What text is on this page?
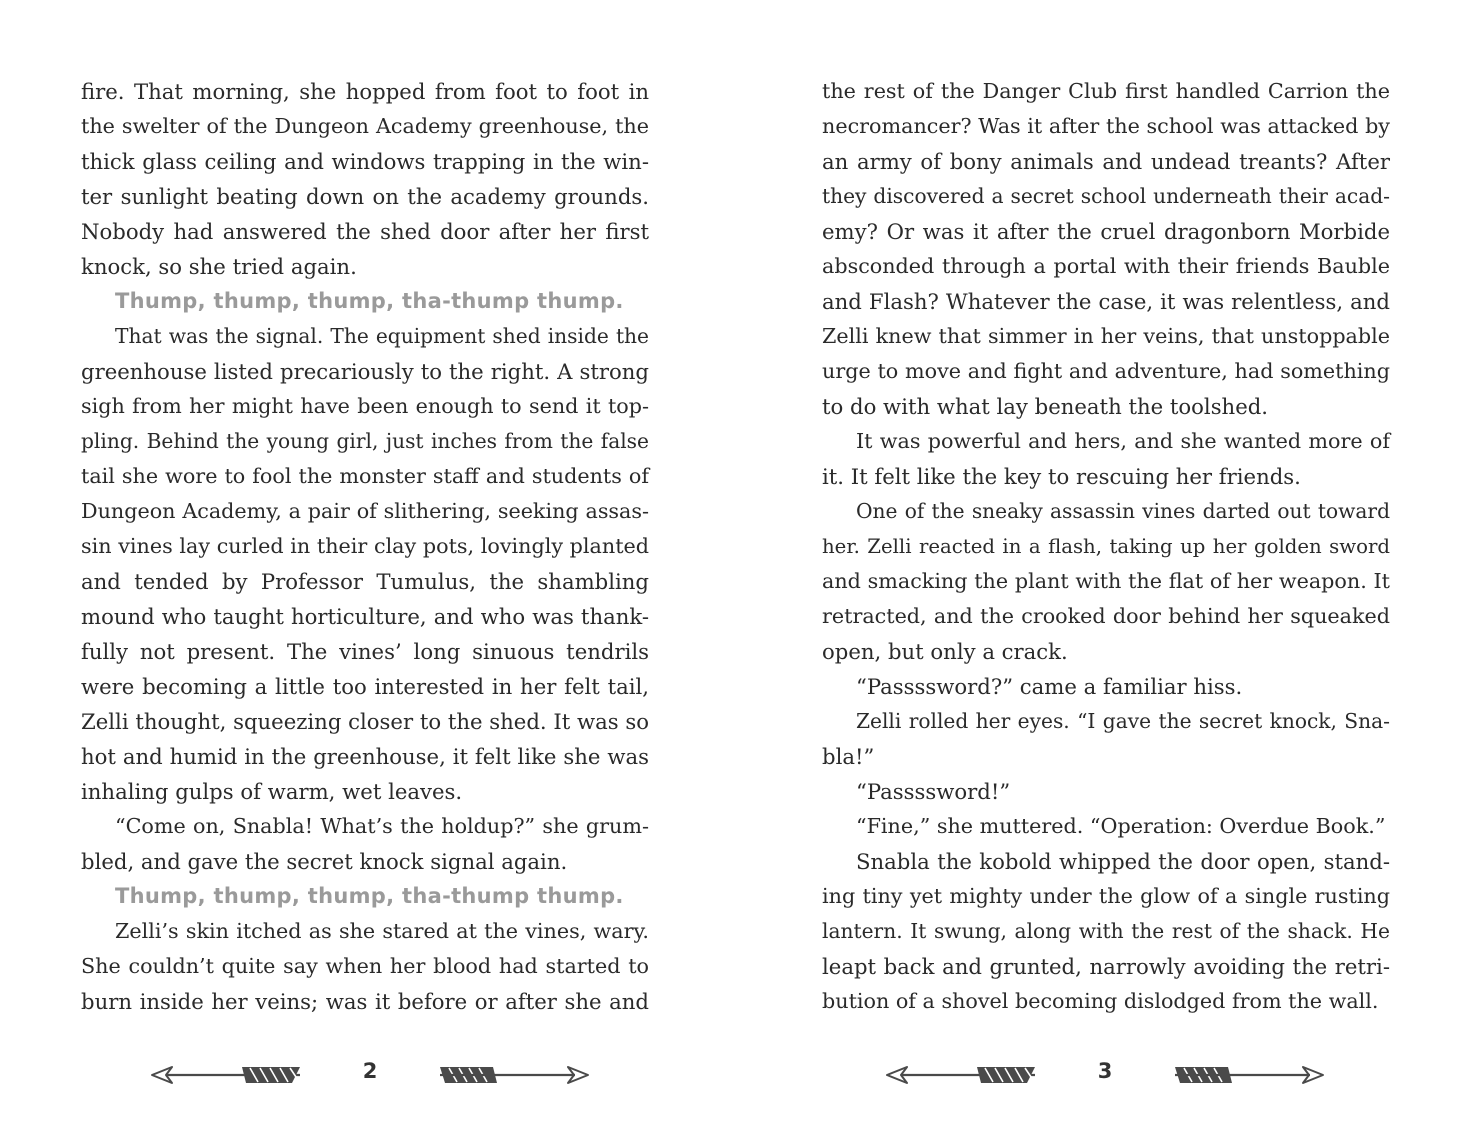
fire. That morning, she hopped from foot to foot in
the swelter of the Dungeon Academy greenhouse, the
thick glass ceiling and windows trapping in the win-
ter sunlight beating down on the academy grounds.
Nobody had answered the shed door after her first
knock, so she tried again.
Thump, thump, thump, tha-thump thump.
That was the signal. The equipment shed inside the
greenhouse listed precariously to the right. A strong
sigh from her might have been enough to send it top-
pling. Behind the young girl, just inches from the false
tail she wore to fool the monster staff and students of
Dungeon Academy, a pair of slithering, seeking assas-
sin vines lay curled in their clay pots, lovingly planted
and tended by Professor Tumulus, the shambling
mound who taught horticulture, and who was thank-
fully not present. The vines’ long sinuous tendrils
were becoming a little too interested in her felt tail,
Zelli thought, squeezing closer to the shed. It was so
hot and humid in the greenhouse, it felt like she was
inhaling gulps of warm, wet leaves.
“Come on, Snabla! What’s the holdup?” she grum-
bled, and gave the secret knock signal again.
Thump, thump, thump, tha-thump thump.
Zelli’s skin itched as she stared at the vines, wary.
She couldn’t quite say when her blood had started to
burn inside her veins; was it before or after she and
the rest of the Danger Club first handled Carrion the
necromancer? Was it after the school was attacked by
an army of bony animals and undead treants? After
they discovered a secret school underneath their acad-
emy? Or was it after the cruel dragonborn Morbide
absconded through a portal with their friends Bauble
and Flash? Whatever the case, it was relentless, and
Zelli knew that simmer in her veins, that unstoppable
urge to move and fight and adventure, had something
to do with what lay beneath the toolshed.
It was powerful and hers, and she wanted more of
it. It felt like the key to rescuing her friends.
One of the sneaky assassin vines darted out toward
her. Zelli reacted in a flash, taking up her golden sword
and smacking the plant with the flat of her weapon. It
retracted, and the crooked door behind her squeaked
open, but only a crack.
“Passssword?” came a familiar hiss.
Zelli rolled her eyes. “I gave the secret knock, Sna-
bla!”
“Passssword!”
“Fine,” she muttered. “Operation: Overdue Book.”
Snabla the kobold whipped the door open, stand-
ing tiny yet mighty under the glow of a single rusting
lantern. It swung, along with the rest of the shack. He
leapt back and grunted, narrowly avoiding the retri-
bution of a shovel becoming dislodged from the wall.
2	3
